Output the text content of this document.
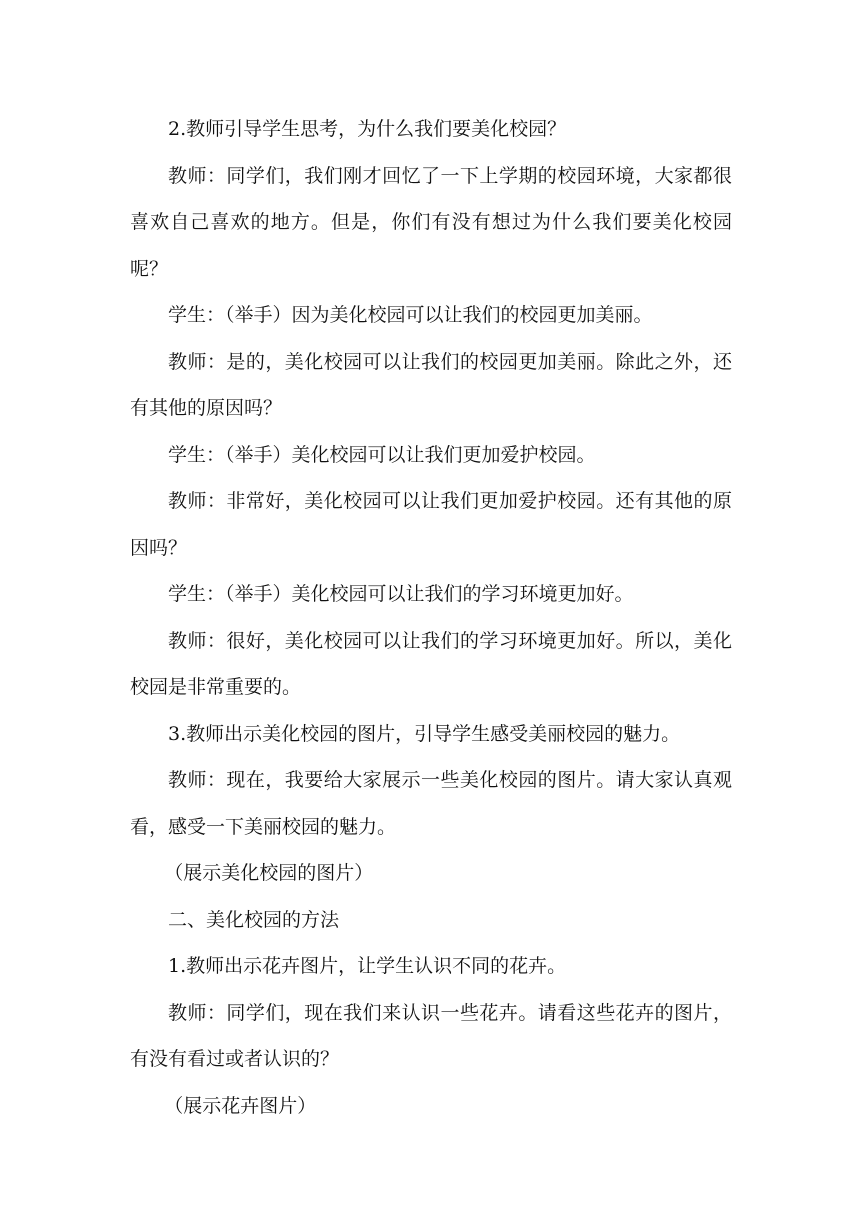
2.教师引导学生思考，为什么我们要美化校园？

教师：同学们，我们刚才回忆了一下上学期的校园环境，大家都很喜欢自己喜欢的地方。但是，你们有没有想过为什么我们要美化校园呢？

学生：（举手）因为美化校园可以让我们的校园更加美丽。

教师：是的，美化校园可以让我们的校园更加美丽。除此之外，还有其他的原因吗？

学生：（举手）美化校园可以让我们更加爱护校园。

教师：非常好，美化校园可以让我们更加爱护校园。还有其他的原因吗？

学生：（举手）美化校园可以让我们的学习环境更加好。

教师：很好，美化校园可以让我们的学习环境更加好。所以，美化校园是非常重要的。

3.教师出示美化校园的图片，引导学生感受美丽校园的魅力。

教师：现在，我要给大家展示一些美化校园的图片。请大家认真观看，感受一下美丽校园的魅力。

（展示美化校园的图片）

二、美化校园的方法

1.教师出示花卉图片，让学生认识不同的花卉。

教师：同学们，现在我们来认识一些花卉。请看这些花卉的图片，有没有看过或者认识的？

（展示花卉图片）
